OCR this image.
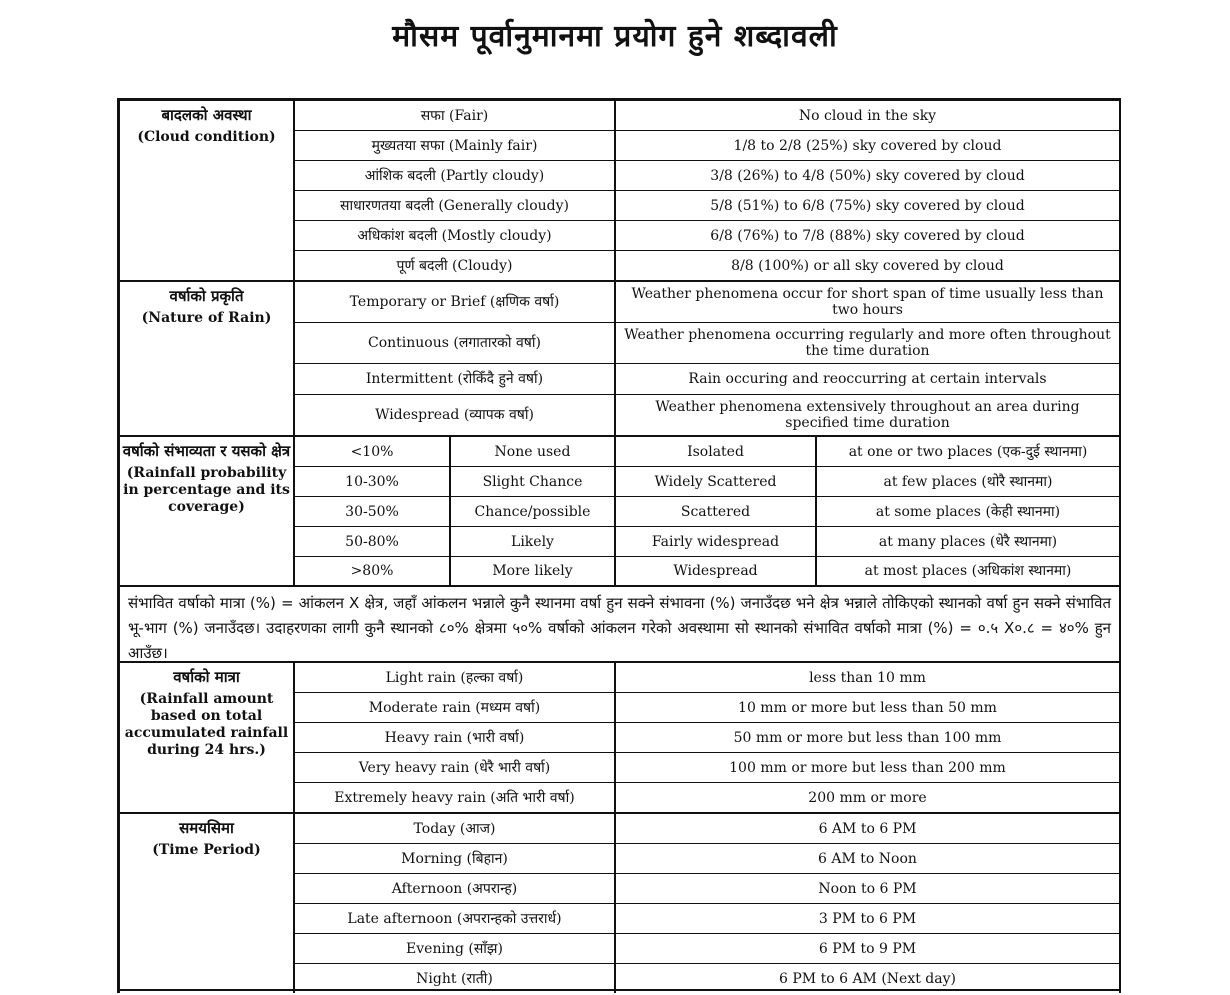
मौसम पूर्वानुमानमा प्रयोग हुने शब्दावली
बादलको अवस्था
(Cloud condition)
सफा (Fair)	No cloud in the sky
मुख्यतया सफा (Mainly fair)	1/8 to 2/8 (25%) sky covered by cloud
आंशिक बदली (Partly cloudy)	3/8 (26%) to 4/8 (50%) sky covered by cloud
साधारणतया बदली (Generally cloudy)	5/8 (51%) to 6/8 (75%) sky covered by cloud
अधिकांश बदली (Mostly cloudy)	6/8 (76%) to 7/8 (88%) sky covered by cloud
पूर्ण बदली (Cloudy)	8/8 (100%) or all sky covered by cloud
वर्षाको प्रकृति
(Nature of Rain)
Temporary or Brief (क्षणिक वर्षा)	Weather phenomena occur for short span of time usually less than two hours
Continuous (लगातारको वर्षा)	Weather phenomena occurring regularly and more often throughout the time duration
Intermittent (रोकिँदै हुने वर्षा)	Rain occuring and reoccurring at certain intervals
Widespread (व्यापक वर्षा)	Weather phenomena extensively throughout an area during specified time duration
वर्षाको संभाव्यता र यसको क्षेत्र
(Rainfall probability in percentage and its coverage)
<10%	None used	Isolated	at one or two places (एक-दुई स्थानमा)
10-30%	Slight Chance	Widely Scattered	at few places (थोरै स्थानमा)
30-50%	Chance/possible	Scattered	at some places (केही स्थानमा)
50-80%	Likely	Fairly widespread	at many places (धेरै स्थानमा)
>80%	More likely	Widespread	at most places (अधिकांश स्थानमा)
संभावित वर्षाको मात्रा (%) = आंकलन X क्षेत्र, जहाँ आंकलन भन्नाले कुनै स्थानमा वर्षा हुन सक्ने संभावना (%) जनाउँदछ भने क्षेत्र भन्नाले तोकिएको स्थानको वर्षा हुन सक्ने संभावित भू-भाग (%) जनाउँदछ। उदाहरणका लागी कुनै स्थानको ८०% क्षेत्रमा ५०% वर्षाको आंकलन गरेको अवस्थामा सो स्थानको संभावित वर्षाको मात्रा (%) = ०.५ X०.८ = ४०% हुन आउँछ।
वर्षाको मात्रा
(Rainfall amount based on total accumulated rainfall during 24 hrs.)
Light rain (हल्का वर्षा)	less than 10 mm
Moderate rain (मध्यम वर्षा)	10 mm or more but less than 50 mm
Heavy rain (भारी वर्षा)	50 mm or more but less than 100 mm
Very heavy rain (धेरै भारी वर्षा)	100 mm or more but less than 200 mm
Extremely heavy rain (अति भारी वर्षा)	200 mm or more
समयसिमा
(Time Period)
Today (आज)	6 AM to 6 PM
Morning (बिहान)	6 AM to Noon
Afternoon (अपरान्ह)	Noon to 6 PM
Late afternoon (अपरान्हको उत्तरार्ध)	3 PM to 6 PM
Evening (साँझ)	6 PM to 9 PM
Night (राती)	6 PM to 6 AM (Next day)
